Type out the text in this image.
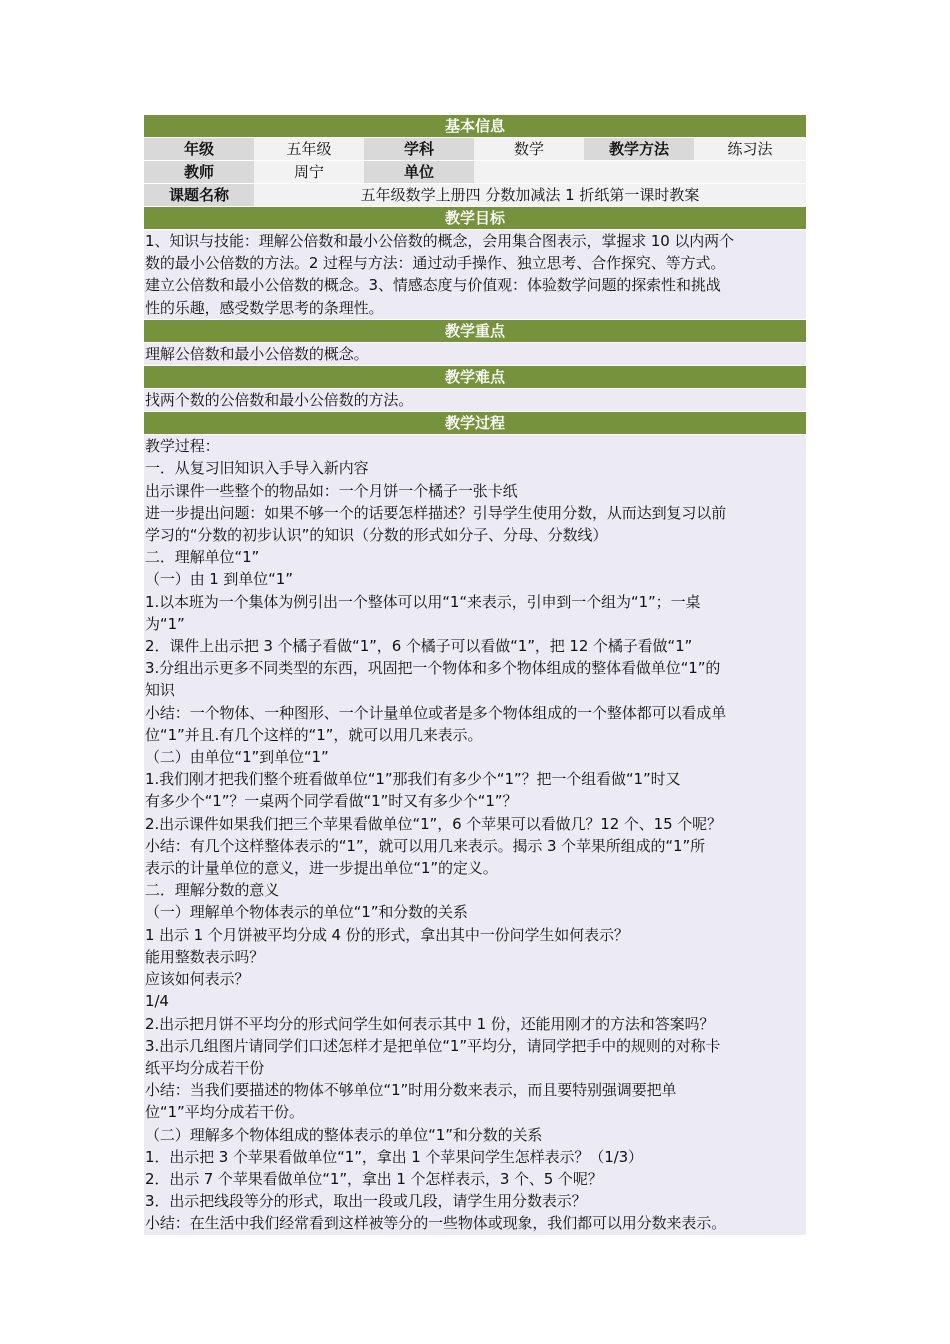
基本信息
年级	五年级	学科	数学	教学方法	练习法
教师	周宁	单位
课题名称	五年级数学上册四 分数加减法 1 折纸第一课时教案
教学目标
1、知识与技能：理解公倍数和最小公倍数的概念，会用集合图表示，掌握求 10 以内两个
数的最小公倍数的方法。2 过程与方法：通过动手操作、独立思考、合作探究、等方式。
建立公倍数和最小公倍数的概念。3、情感态度与价值观：体验数学问题的探索性和挑战
性的乐趣，感受数学思考的条理性。
教学重点
理解公倍数和最小公倍数的概念。
教学难点
找两个数的公倍数和最小公倍数的方法。
教学过程
教学过程：
一．从复习旧知识入手导入新内容
出示课件一些整个的物品如：一个月饼一个橘子一张卡纸
进一步提出问题：如果不够一个的话要怎样描述？引导学生使用分数，从而达到复习以前
学习的“分数的初步认识”的知识（分数的形式如分子、分母、分数线）
二．理解单位“1”
（一）由 1 到单位“1”
1.以本班为一个集体为例引出一个整体可以用“1“来表示，引申到一个组为“1”；一桌
为“1”
2．课件上出示把 3 个橘子看做“1”，6 个橘子可以看做“1”，把 12 个橘子看做“1”
3.分组出示更多不同类型的东西，巩固把一个物体和多个物体组成的整体看做单位“1”的
知识
小结：一个物体、一种图形、一个计量单位或者是多个物体组成的一个整体都可以看成单
位“1”并且.有几个这样的“1”，就可以用几来表示。
（二）由单位“1”到单位“1”
1.我们刚才把我们整个班看做单位“1”那我们有多少个“1”？把一个组看做“1”时又
有多少个“1”？一桌两个同学看做“1”时又有多少个“1”？
2.出示课件如果我们把三个苹果看做单位“1”，6 个苹果可以看做几？12 个、15 个呢？
小结：有几个这样整体表示的“1”，就可以用几来表示。揭示 3 个苹果所组成的“1”所
表示的计量单位的意义，进一步提出单位“1”的定义。
二．理解分数的意义
（一）理解单个物体表示的单位“1”和分数的关系
1 出示 1 个月饼被平均分成 4 份的形式，拿出其中一份问学生如何表示？
能用整数表示吗？
应该如何表示？
1/4
2.出示把月饼不平均分的形式问学生如何表示其中 1 份，还能用刚才的方法和答案吗？
3.出示几组图片请同学们口述怎样才是把单位“1”平均分，请同学把手中的规则的对称卡
纸平均分成若干份
小结：当我们要描述的物体不够单位“1”时用分数来表示，而且要特别强调要把单
位“1”平均分成若干份。
（二）理解多个物体组成的整体表示的单位“1”和分数的关系
1．出示把 3 个苹果看做单位“1”，拿出 1 个苹果问学生怎样表示？（1/3）
2．出示 7 个苹果看做单位“1”，拿出 1 个怎样表示，3 个、5 个呢？
3．出示把线段等分的形式，取出一段或几段，请学生用分数表示？
小结：在生活中我们经常看到这样被等分的一些物体或现象，我们都可以用分数来表示。
